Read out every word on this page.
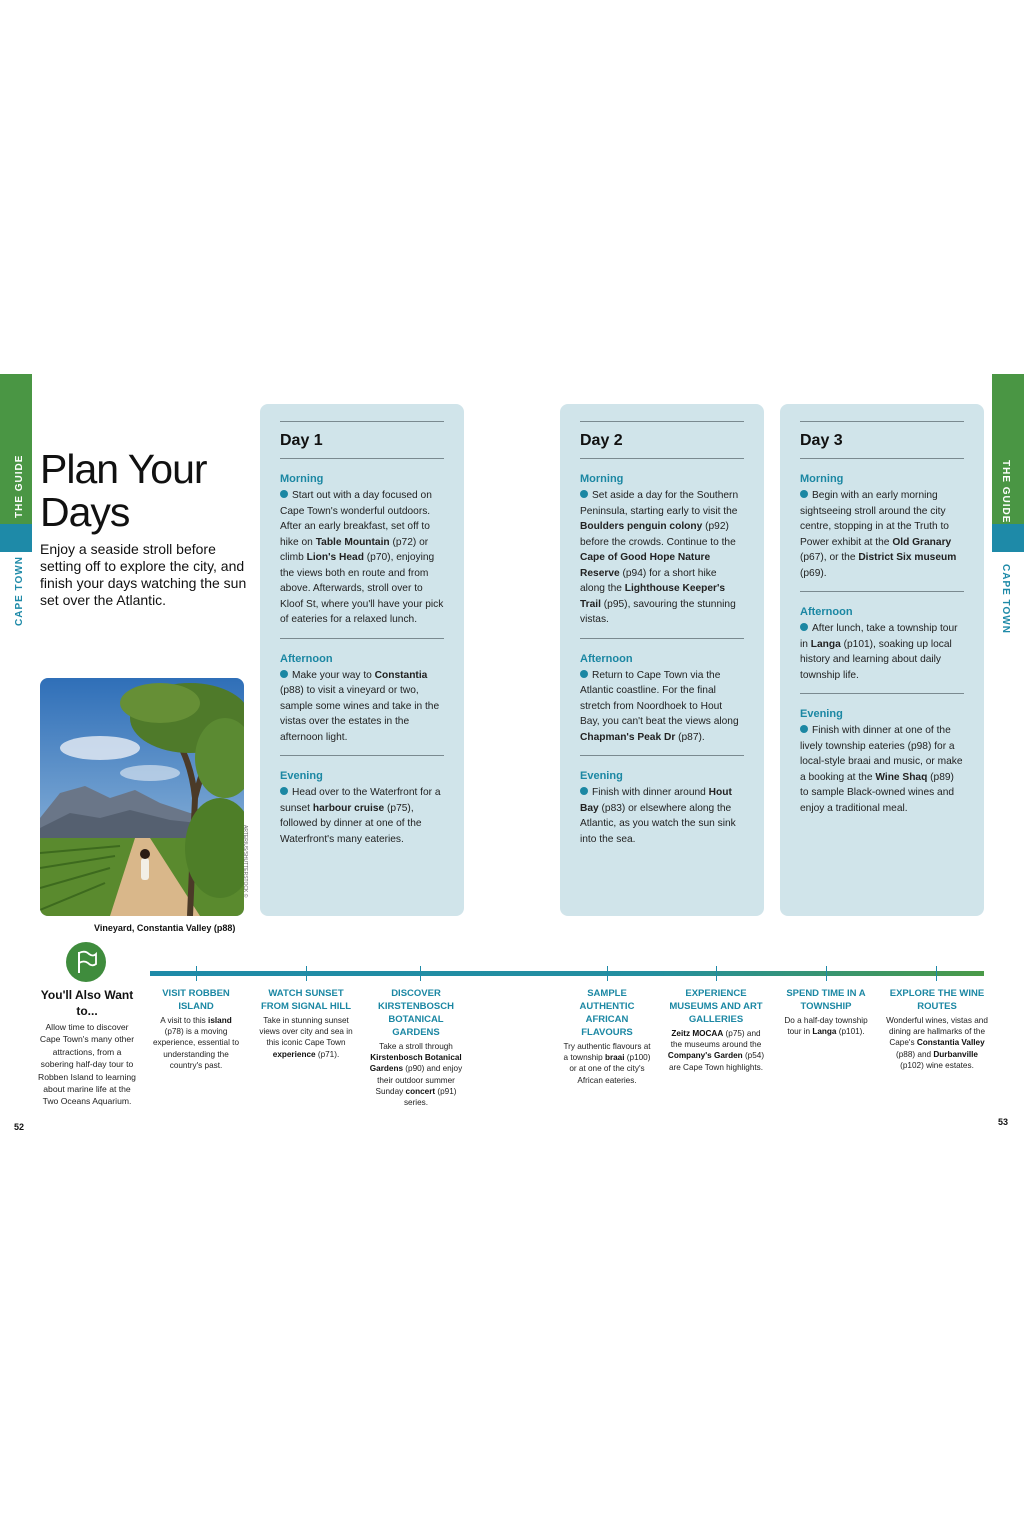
THE GUIDE
CAPE TOWN
THE GUIDE
CAPE TOWN
Plan Your
Days

Enjoy a seaside stroll before setting off to explore the city, and finish your days watching the sun set over the Atlantic.

ARTERIUS/SHUTTERSTOCK ©

Vineyard, Constantia Valley (p88)

Day 1
Morning

Start out with a day focused on Cape Town's wonderful outdoors. After an early breakfast, set off to hike on Table Mountain (p72) or climb Lion's Head (p70), enjoying the views both en route and from above. Afterwards, stroll over to Kloof St, where you'll have your pick of eateries for a relaxed lunch.

Afternoon

Make your way to Constantia (p88) to visit a vineyard or two, sample some wines and take in the vistas over the estates in the afternoon light.

Evening

Head over to the Waterfront for a sunset harbour cruise (p75), followed by dinner at one of the Waterfront's many eateries.

Day 2
Morning

Set aside a day for the Southern Peninsula, starting early to visit the Boulders penguin colony (p92) before the crowds. Continue to the Cape of Good Hope Nature Reserve (p94) for a short hike along the Lighthouse Keeper's Trail (p95), savouring the stunning vistas.

Afternoon

Return to Cape Town via the Atlantic coastline. For the final stretch from Noordhoek to Hout Bay, you can't beat the views along Chapman's Peak Dr (p87).

Evening

Finish with dinner around Hout Bay (p83) or elsewhere along the Atlantic, as you watch the sun sink into the sea.

Day 3
Morning

Begin with an early morning sightseeing stroll around the city centre, stopping in at the Truth to Power exhibit at the Old Granary (p67), or the District Six museum (p69).

Afternoon

After lunch, take a township tour in Langa (p101), soaking up local history and learning about daily township life.

Evening

Finish with dinner at one of the lively township eateries (p98) for a local-style braai and music, or make a booking at the Wine Shaq (p89) to sample Black-owned wines and enjoy a traditional meal.

You'll Also Want to...

Allow time to discover Cape Town's many other attractions, from a sobering half-day tour to Robben Island to learning about marine life at the Two Oceans Aquarium.

VISIT ROBBEN ISLAND

A visit to this island (p78) is a moving experience, essential to understanding the country's past.

WATCH SUNSET FROM SIGNAL HILL

Take in stunning sunset views over city and sea in this iconic Cape Town experience (p71).

DISCOVER KIRSTENBOSCH BOTANICAL GARDENS

Take a stroll through Kirstenbosch Botanical Gardens (p90) and enjoy their outdoor summer Sunday concert (p91) series.

SAMPLE AUTHENTIC AFRICAN FLAVOURS

Try authentic flavours at a township braai (p100) or at one of the city's African eateries.

EXPERIENCE MUSEUMS AND ART GALLERIES

Zeitz MOCAA (p75) and the museums around the Company's Garden (p54) are Cape Town highlights.

SPEND TIME IN A TOWNSHIP

Do a half-day township tour in Langa (p101).

EXPLORE THE WINE ROUTES

Wonderful wines, vistas and dining are hallmarks of the Cape's Constantia Valley (p88) and Durbanville (p102) wine estates.

52	53
